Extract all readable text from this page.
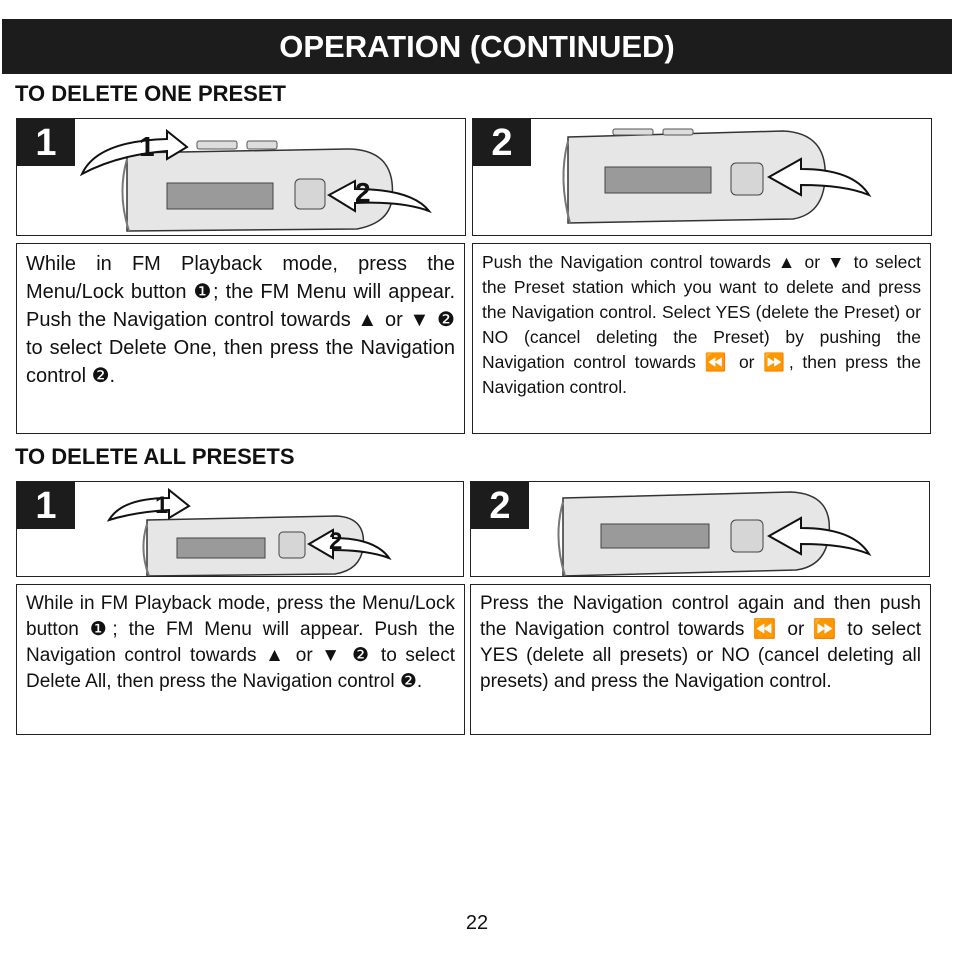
OPERATION (CONTINUED)
TO DELETE ONE PRESET
1	1
2
2
While in FM Playback mode, press the Menu/Lock button ❶; the FM Menu will appear. Push the Navigation control towards ▲ or ▼ ❷ to select Delete One, then press the Navigation control ❷.
Push the Navigation control towards ▲ or ▼ to select the Preset station which you want to delete and press the Navigation control. Select YES (delete the Preset) or NO (cancel deleting the Preset) by pushing the Navigation control towards ⏪ or ⏩, then press the Navigation control.
TO DELETE ALL PRESETS
1	1
2
2
While in FM Playback mode, press the Menu/Lock button ❶; the FM Menu will appear. Push the Navigation control towards ▲ or ▼ ❷ to select Delete All, then press the Navigation control ❷.
Press the Navigation control again and then push the Navigation control towards ⏪ or ⏩ to select YES (delete all presets) or NO (cancel deleting all presets) and press the Navigation control.
22
